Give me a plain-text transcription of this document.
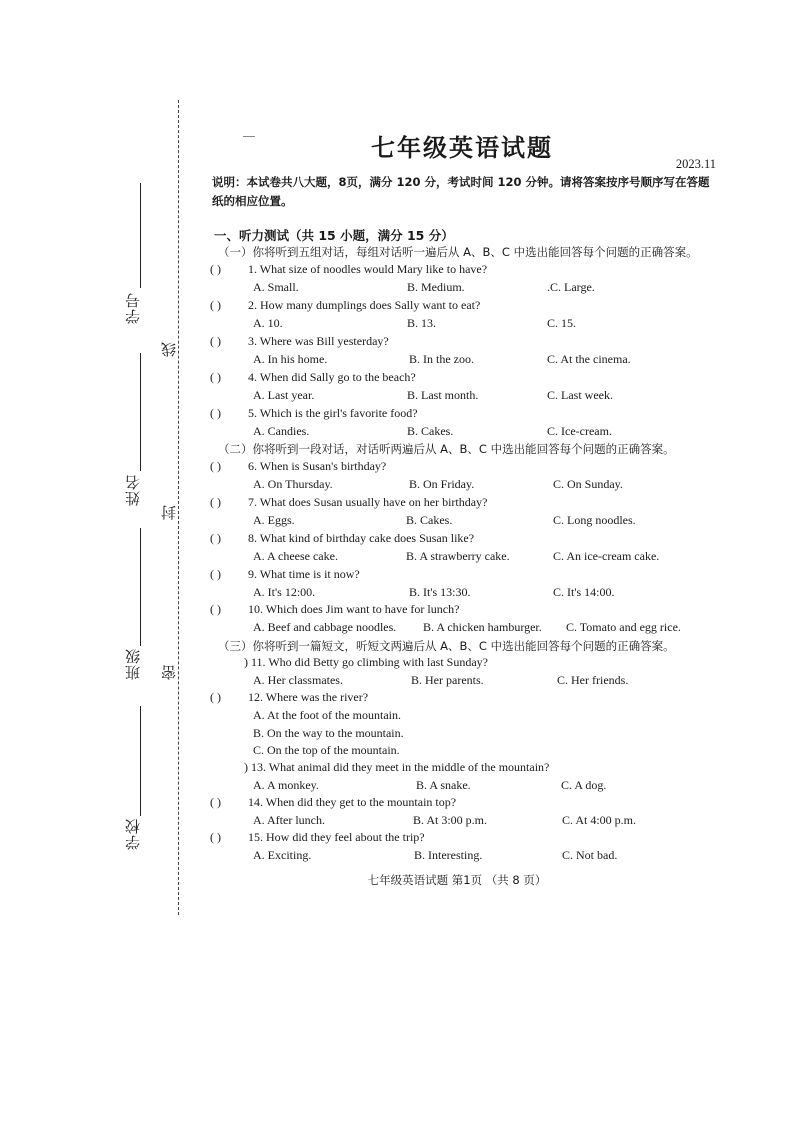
学号
线
姓名
封
班级 密
学校
七年级英语试题
2023.11
说明：本试卷共八大题，8页，满分 120 分，考试时间 120 分钟。请将答案按序号顺序写在答题纸的相应位置。
一、听力测试（共 15 小题，满分 15 分）
（一）你将听到五组对话，每组对话听一遍后从 A、B、C 中选出能回答每个问题的正确答案。
（二）你将听到一段对话，对话听两遍后从 A、B、C 中选出能回答每个问题的正确答案。
（三）你将听到一篇短文，听短文两遍后从 A、B、C 中选出能回答每个问题的正确答案。
( ) 1. What size of noodles would Mary like to have?
A. Small.	B. Medium.	.C. Large.
( ) 2. How many dumplings does Sally want to eat?
A. 10.	B. 13.	C. 15.
( ) 3. Where was Bill yesterday?
A. In his home.	B. In the zoo.	C. At the cinema.
( ) 4. When did Sally go to the beach?
A. Last year.	B. Last month.	C. Last week.
( ) 5. Which is the girl's favorite food?
A. Candies.	B. Cakes.	C. Ice-cream.
( ) 6. When is Susan's birthday?
A. On Thursday.	B. On Friday.	C. On Sunday.
( ) 7. What does Susan usually have on her birthday?
A. Eggs.	B. Cakes.	C. Long noodles.
( ) 8. What kind of birthday cake does Susan like?
A. A cheese cake.	B. A strawberry cake.	C. An ice-cream cake.
( ) 9. What time is it now?
A. It's 12:00.	B. It's 13:30.	C. It's 14:00.
( ) 10. Which does Jim want to have for lunch?
A. Beef and cabbage noodles. B. A chicken hamburger. C. Tomato and egg rice.
) 11. Who did Betty go climbing with last Sunday?
A. Her classmates.	B. Her parents.	C. Her friends.
( ) 12. Where was the river?
A. At the foot of the mountain.
B. On the way to the mountain.
C. On the top of the mountain.
) 13. What animal did they meet in the middle of the mountain?
A. A monkey.	B. A snake.	C. A dog.
( ) 14. When did they get to the mountain top?
A. After lunch.	B. At 3:00 p.m.	C. At 4:00 p.m.
( ) 15. How did they feel about the trip?
A. Exciting.	B. Interesting.	C. Not bad.
七年级英语试题 第1页 （共 8 页）
